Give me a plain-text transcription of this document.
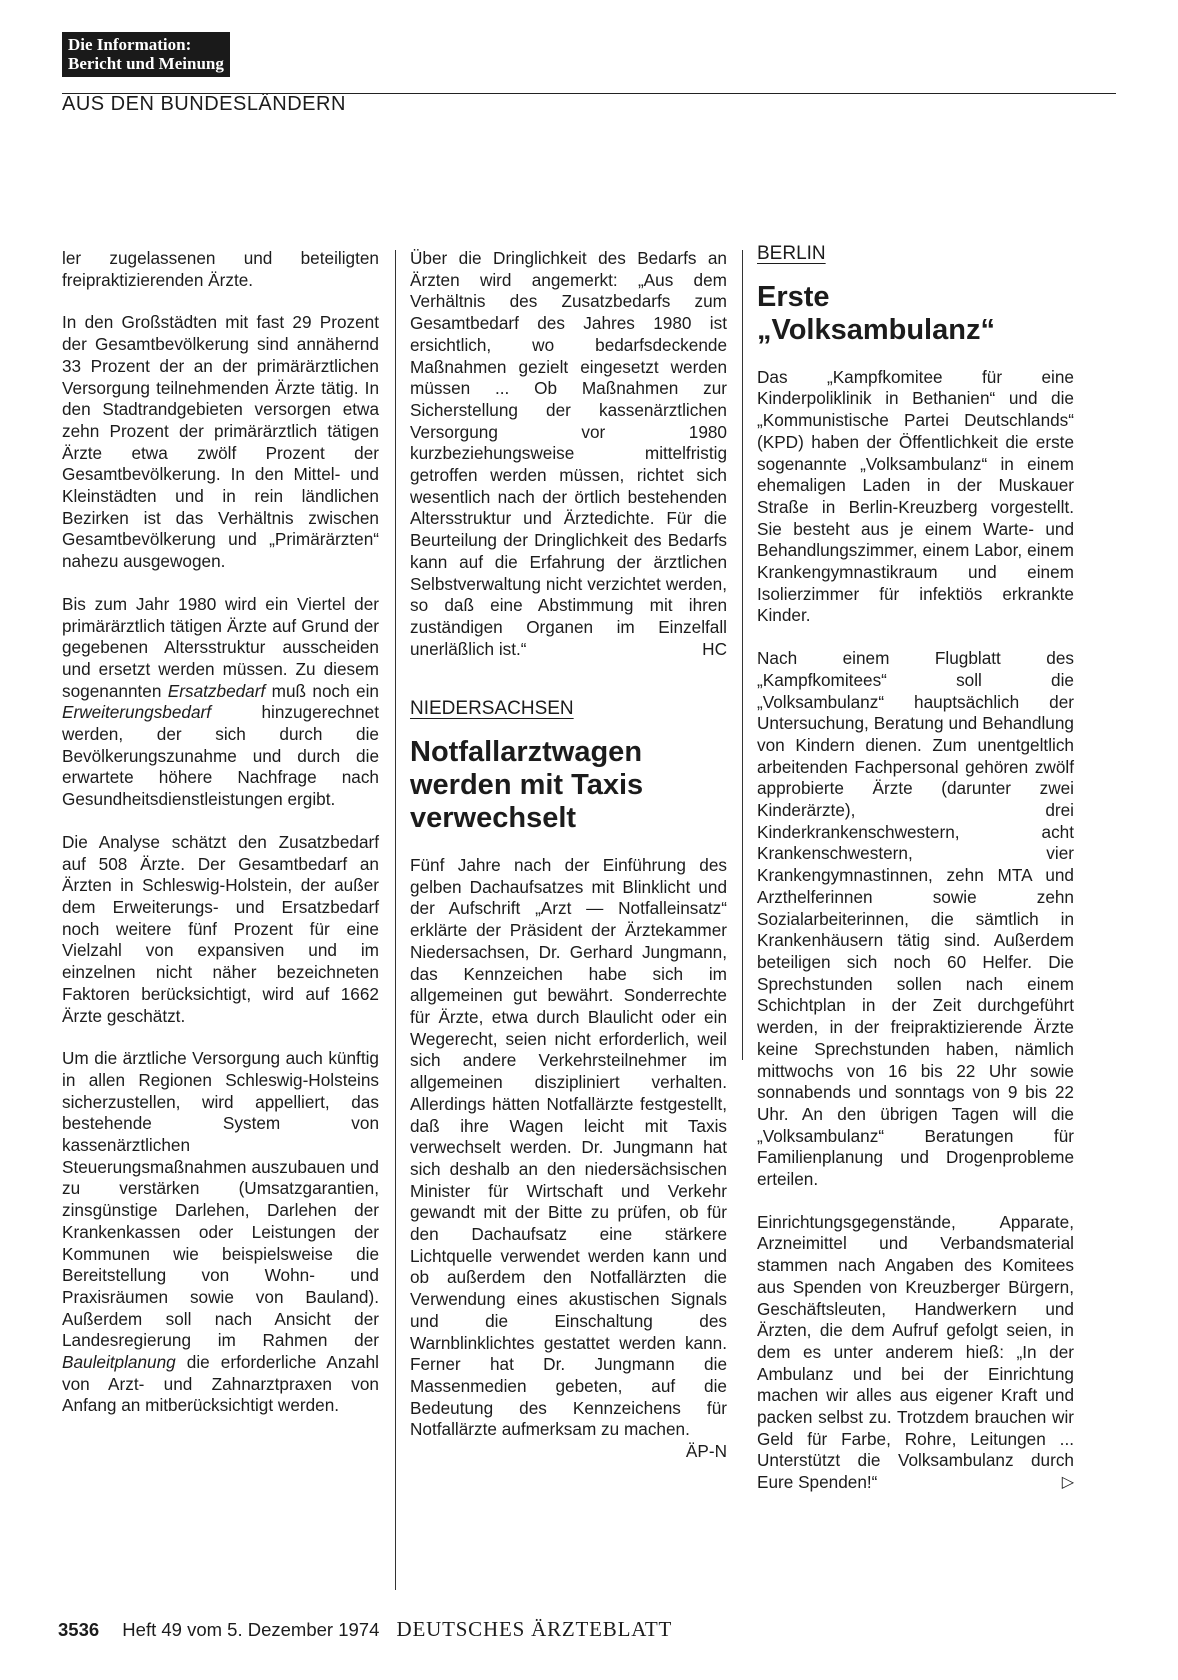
Die Information:
Bericht und Meinung
AUS DEN BUNDESLÄNDERN

ler zugelassenen und beteiligten freipraktizierenden Ärzte.

In den Großstädten mit fast 29 Prozent der Gesamtbevölkerung sind annähernd 33 Prozent der an der primärärztlichen Versorgung teilnehmenden Ärzte tätig. In den Stadtrandgebieten versorgen etwa zehn Prozent der primärärztlich tätigen Ärzte etwa zwölf Prozent der Gesamtbevölkerung. In den Mittel- und Kleinstädten und in rein ländlichen Bezirken ist das Verhältnis zwischen Gesamtbevölkerung und „Primärärzten“ nahezu ausgewogen.

Bis zum Jahr 1980 wird ein Viertel der primärärztlich tätigen Ärzte auf Grund der gegebenen Altersstruktur ausscheiden und ersetzt werden müssen. Zu diesem sogenannten Ersatzbedarf muß noch ein Erweiterungsbedarf hinzugerechnet werden, der sich durch die Bevölkerungszunahme und durch die erwartete höhere Nachfrage nach Gesundheitsdienstleistungen ergibt.

Die Analyse schätzt den Zusatzbedarf auf 508 Ärzte. Der Gesamtbedarf an Ärzten in Schleswig-Holstein, der außer dem Erweiterungs- und Ersatzbedarf noch weitere fünf Prozent für eine Vielzahl von expansiven und im einzelnen nicht näher bezeichneten Faktoren berücksichtigt, wird auf 1662 Ärzte geschätzt.

Um die ärztliche Versorgung auch künftig in allen Regionen Schleswig-Holsteins sicherzustellen, wird appelliert, das bestehende System von kassenärztlichen Steuerungsmaßnahmen auszubauen und zu verstärken (Umsatzgarantien, zinsgünstige Darlehen, Darlehen der Krankenkassen oder Leistungen der Kommunen wie beispielsweise die Bereitstellung von Wohn- und Praxisräumen sowie von Bauland). Außerdem soll nach Ansicht der Landesregierung im Rahmen der Bauleitplanung die erforderliche Anzahl von Arzt- und Zahnarztpraxen von Anfang an mitberücksichtigt werden.

Über die Dringlichkeit des Bedarfs an Ärzten wird angemerkt: „Aus dem Verhältnis des Zusatzbedarfs zum Gesamtbedarf des Jahres 1980 ist ersichtlich, wo bedarfsdeckende Maßnahmen gezielt eingesetzt werden müssen ... Ob Maßnahmen zur Sicherstellung der kassenärztlichen Versorgung vor 1980 kurzbeziehungsweise mittelfristig getroffen werden müssen, richtet sich wesentlich nach der örtlich bestehenden Altersstruktur und Ärztedichte. Für die Beurteilung der Dringlichkeit des Bedarfs kann auf die Erfahrung der ärztlichen Selbstverwaltung nicht verzichtet werden, so daß eine Abstimmung mit ihren zuständigen Organen im Einzelfall unerläßlich ist.“	HC

NIEDERSACHSEN
Notfallarztwagen werden mit Taxis verwechselt

Fünf Jahre nach der Einführung des gelben Dachaufsatzes mit Blinklicht und der Aufschrift „Arzt — Notfalleinsatz“ erklärte der Präsident der Ärztekammer Niedersachsen, Dr. Gerhard Jungmann, das Kennzeichen habe sich im allgemeinen gut bewährt. Sonderrechte für Ärzte, etwa durch Blaulicht oder ein Wegerecht, seien nicht erforderlich, weil sich andere Verkehrsteilnehmer im allgemeinen diszipliniert verhalten. Allerdings hätten Notfallärzte festgestellt, daß ihre Wagen leicht mit Taxis verwechselt werden. Dr. Jungmann hat sich deshalb an den niedersächsischen Minister für Wirtschaft und Verkehr gewandt mit der Bitte zu prüfen, ob für den Dachaufsatz eine stärkere Lichtquelle verwendet werden kann und ob außerdem den Notfallärzten die Verwendung eines akustischen Signals und die Einschaltung des Warnblinklichtes gestattet werden kann. Ferner hat Dr. Jungmann die Massenmedien gebeten, auf die Bedeutung des Kennzeichens für Notfallärzte aufmerksam zu machen.
ÄP-N

BERLIN
Erste „Volksambulanz“

Das „Kampfkomitee für eine Kinderpoliklinik in Bethanien“ und die „Kommunistische Partei Deutschlands“ (KPD) haben der Öffentlichkeit die erste sogenannte „Volksambulanz“ in einem ehemaligen Laden in der Muskauer Straße in Berlin-Kreuzberg vorgestellt. Sie besteht aus je einem Warte- und Behandlungszimmer, einem Labor, einem Krankengymnastikraum und einem Isolierzimmer für infektiös erkrankte Kinder.

Nach einem Flugblatt des „Kampfkomitees“ soll die „Volksambulanz“ hauptsächlich der Untersuchung, Beratung und Behandlung von Kindern dienen. Zum unentgeltlich arbeitenden Fachpersonal gehören zwölf approbierte Ärzte (darunter zwei Kinderärzte), drei Kinderkrankenschwestern, acht Krankenschwestern, vier Krankengymnastinnen, zehn MTA und Arzthelferinnen sowie zehn Sozialarbeiterinnen, die sämtlich in Krankenhäusern tätig sind. Außerdem beteiligen sich noch 60 Helfer. Die Sprechstunden sollen nach einem Schichtplan in der Zeit durchgeführt werden, in der freipraktizierende Ärzte keine Sprechstunden haben, nämlich mittwochs von 16 bis 22 Uhr sowie sonnabends und sonntags von 9 bis 22 Uhr. An den übrigen Tagen will die „Volksambulanz“ Beratungen für Familienplanung und Drogenprobleme erteilen.

Einrichtungsgegenstände, Apparate, Arzneimittel und Verbandsmaterial stammen nach Angaben des Komitees aus Spenden von Kreuzberger Bürgern, Geschäftsleuten, Handwerkern und Ärzten, die dem Aufruf gefolgt seien, in dem es unter anderem hieß: „In der Ambulanz und bei der Einrichtung machen wir alles aus eigener Kraft und packen selbst zu. Trotzdem brauchen wir Geld für Farbe, Rohre, Leitungen ... Unterstützt die Volksambulanz durch Eure Spenden!“	▷

3536 Heft 49 vom 5. Dezember 1974 DEUTSCHES ÄRZTEBLATT
